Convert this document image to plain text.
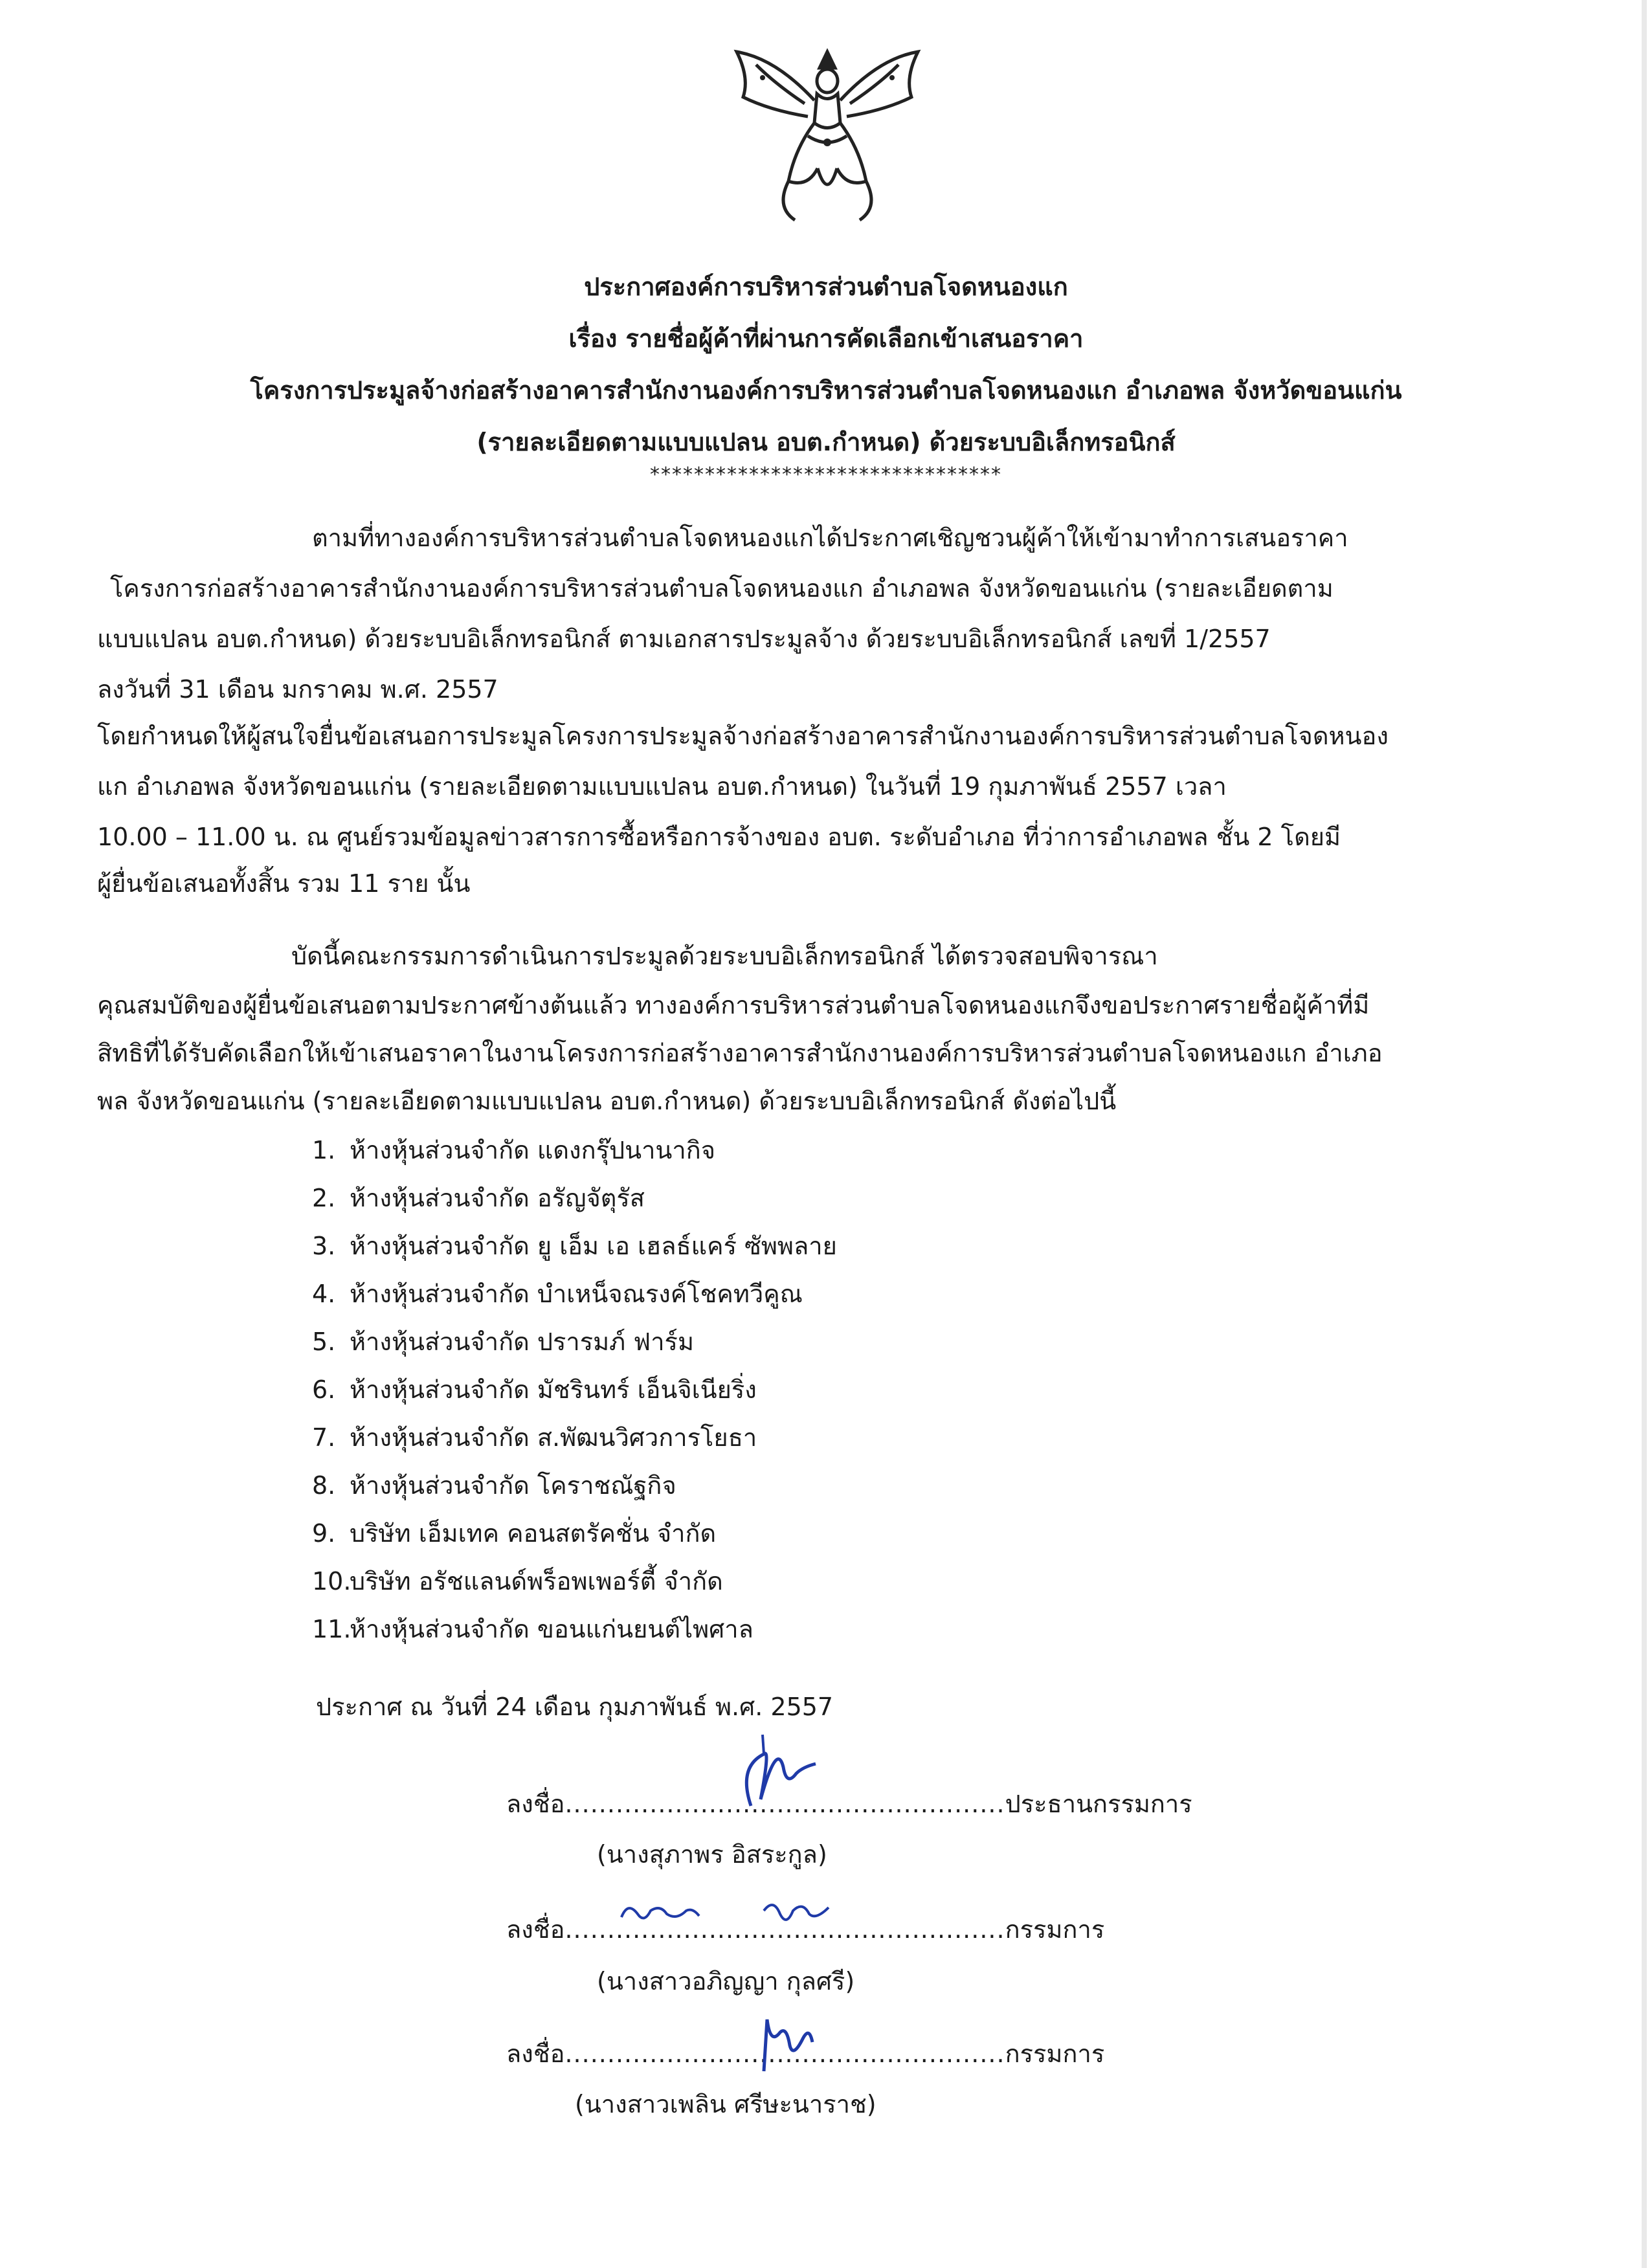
ประกาศองค์การบริหารส่วนตำบลโจดหนองแก
เรื่อง รายชื่อผู้ค้าที่ผ่านการคัดเลือกเข้าเสนอราคา
โครงการประมูลจ้างก่อสร้างอาคารสำนักงานองค์การบริหารส่วนตำบลโจดหนองแก อำเภอพล จังหวัดขอนแก่น
(รายละเอียดตามแบบแปลน อบต.กำหนด) ด้วยระบบอิเล็กทรอนิกส์
********************************
ตามที่ทางองค์การบริหารส่วนตำบลโจดหนองแกได้ประกาศเชิญชวนผู้ค้าให้เข้ามาทำการเสนอราคา
โครงการก่อสร้างอาคารสำนักงานองค์การบริหารส่วนตำบลโจดหนองแก อำเภอพล จังหวัดขอนแก่น (รายละเอียดตาม
แบบแปลน อบต.กำหนด) ด้วยระบบอิเล็กทรอนิกส์ ตามเอกสารประมูลจ้าง ด้วยระบบอิเล็กทรอนิกส์ เลขที่ 1/2557
ลงวันที่ 31 เดือน มกราคม พ.ศ. 2557
โดยกำหนดให้ผู้สนใจยื่นข้อเสนอการประมูลโครงการประมูลจ้างก่อสร้างอาคารสำนักงานองค์การบริหารส่วนตำบลโจดหนอง
แก อำเภอพล จังหวัดขอนแก่น (รายละเอียดตามแบบแปลน อบต.กำหนด) ในวันที่ 19 กุมภาพันธ์ 2557 เวลา
10.00 – 11.00 น. ณ ศูนย์รวมข้อมูลข่าวสารการซื้อหรือการจ้างของ อบต. ระดับอำเภอ ที่ว่าการอำเภอพล ชั้น 2 โดยมี
ผู้ยื่นข้อเสนอทั้งสิ้น รวม 11 ราย นั้น
บัดนี้คณะกรรมการดำเนินการประมูลด้วยระบบอิเล็กทรอนิกส์ ได้ตรวจสอบพิจารณา
คุณสมบัติของผู้ยื่นข้อเสนอตามประกาศข้างต้นแล้ว ทางองค์การบริหารส่วนตำบลโจดหนองแกจึงขอประกาศรายชื่อผู้ค้าที่มี
สิทธิที่ได้รับคัดเลือกให้เข้าเสนอราคาในงานโครงการก่อสร้างอาคารสำนักงานองค์การบริหารส่วนตำบลโจดหนองแก อำเภอ
พล จังหวัดขอนแก่น (รายละเอียดตามแบบแปลน อบต.กำหนด) ด้วยระบบอิเล็กทรอนิกส์ ดังต่อไปนี้
1. ห้างหุ้นส่วนจำกัด แดงกรุ๊ปนานากิจ
2. ห้างหุ้นส่วนจำกัด อรัญจัตุรัส
3. ห้างหุ้นส่วนจำกัด ยู เอ็ม เอ เฮลธ์แคร์ ซัพพลาย
4. ห้างหุ้นส่วนจำกัด บำเหน็จณรงค์โชคทวีคูณ
5. ห้างหุ้นส่วนจำกัด ปรารมภ์ ฟาร์ม
6. ห้างหุ้นส่วนจำกัด มัชรินทร์ เอ็นจิเนียริ่ง
7. ห้างหุ้นส่วนจำกัด ส.พัฒนวิศวการโยธา
8. ห้างหุ้นส่วนจำกัด โคราชณัฐกิจ
9. บริษัท เอ็มเทค คอนสตรัคชั่น จำกัด
10.บริษัท อรัชแลนด์พร็อพเพอร์ตี้ จำกัด
11.ห้างหุ้นส่วนจำกัด ขอนแก่นยนต์ไพศาล
ประกาศ ณ วันที่ 24 เดือน กุมภาพันธ์ พ.ศ. 2557
ลงชื่อ....................................................ประธานกรรมการ
(นางสุภาพร อิสระกูล)
ลงชื่อ....................................................กรรมการ
(นางสาวอภิญญา กุลศรี)
ลงชื่อ....................................................กรรมการ
(นางสาวเพลิน ศรีษะนาราช)
